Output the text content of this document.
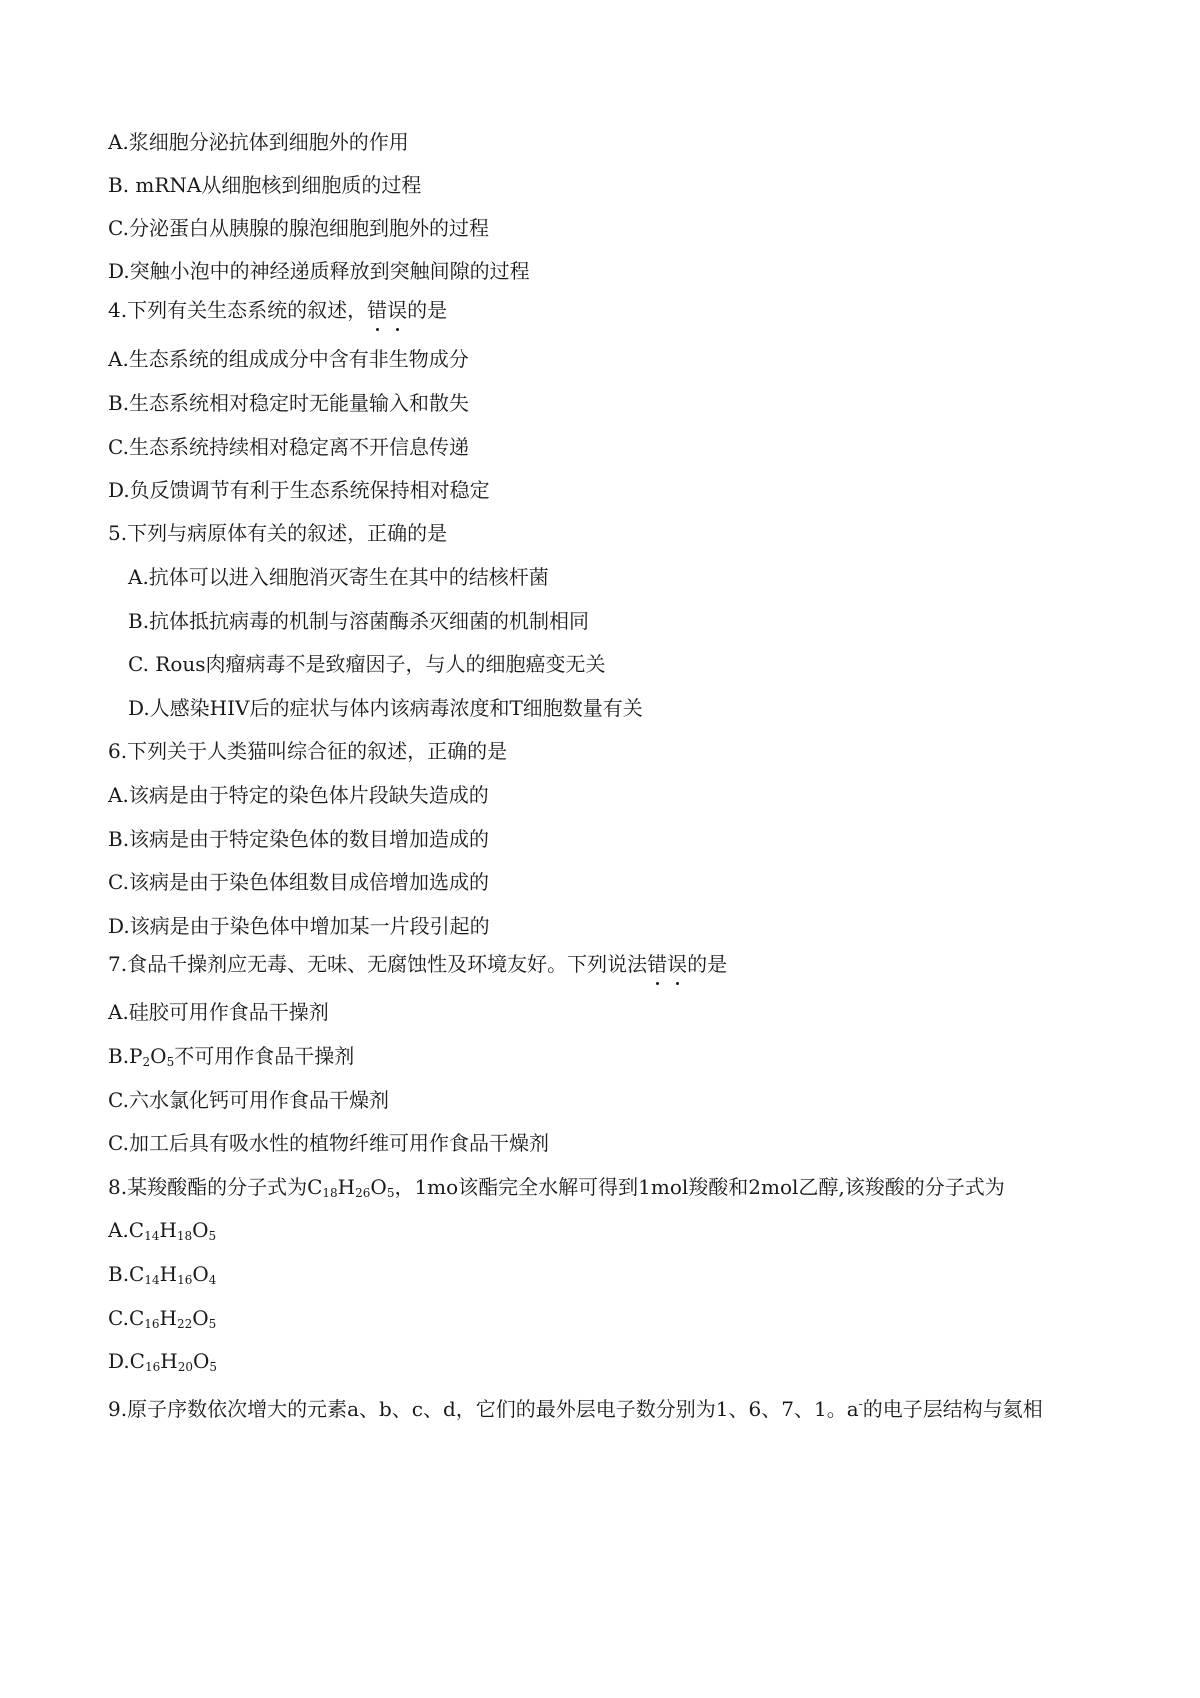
A.浆细胞分泌抗体到细胞外的作用
B. mRNA从细胞核到细胞质的过程
C.分泌蛋白从胰腺的腺泡细胞到胞外的过程
D.突触小泡中的神经递质释放到突触间隙的过程
4.下列有关生态系统的叙述，错误的是
A.生态系统的组成成分中含有非生物成分
B.生态系统相对稳定时无能量输入和散失
C.生态系统持续相对稳定离不开信息传递
D.负反馈调节有利于生态系统保持相对稳定
5.下列与病原体有关的叙述，正确的是
A.抗体可以进入细胞消灭寄生在其中的结核杆菌
B.抗体抵抗病毒的机制与溶菌酶杀灭细菌的机制相同
C. Rous肉瘤病毒不是致瘤因子，与人的细胞癌变无关
D.人感染HIV后的症状与体内该病毒浓度和T细胞数量有关
6.下列关于人类猫叫综合征的叙述，正确的是
A.该病是由于特定的染色体片段缺失造成的
B.该病是由于特定染色体的数目增加造成的
C.该病是由于染色体组数目成倍增加选成的
D.该病是由于染色体中增加某一片段引起的
7.食品千操剂应无毒、无味、无腐蚀性及环境友好。下列说法错误的是
A.硅胶可用作食品干操剂
$B.P_2O_5$不可用作食品干操剂
C.六水氯化钙可用作食品干燥剂
C.加工后具有吸水性的植物纤维可用作食品干燥剂
8.某羧酸酯的分子式为$C_{18}H_{26}O_5$，1mo该酯完全水解可得到1mol羧酸和2mol乙醇,该羧酸的分子式为
$A.C_{14}H_{18}O_5$
$B.C_{14}H_{16}O_4$
$C.C_{16}H_{22}O_5$
$D.C_{16}H_{20}O_5$
9.原子序数依次增大的元素a、b、c、d，它们的最外层电子数分别为1、6、7、1。a-的电子层结构与氦相
